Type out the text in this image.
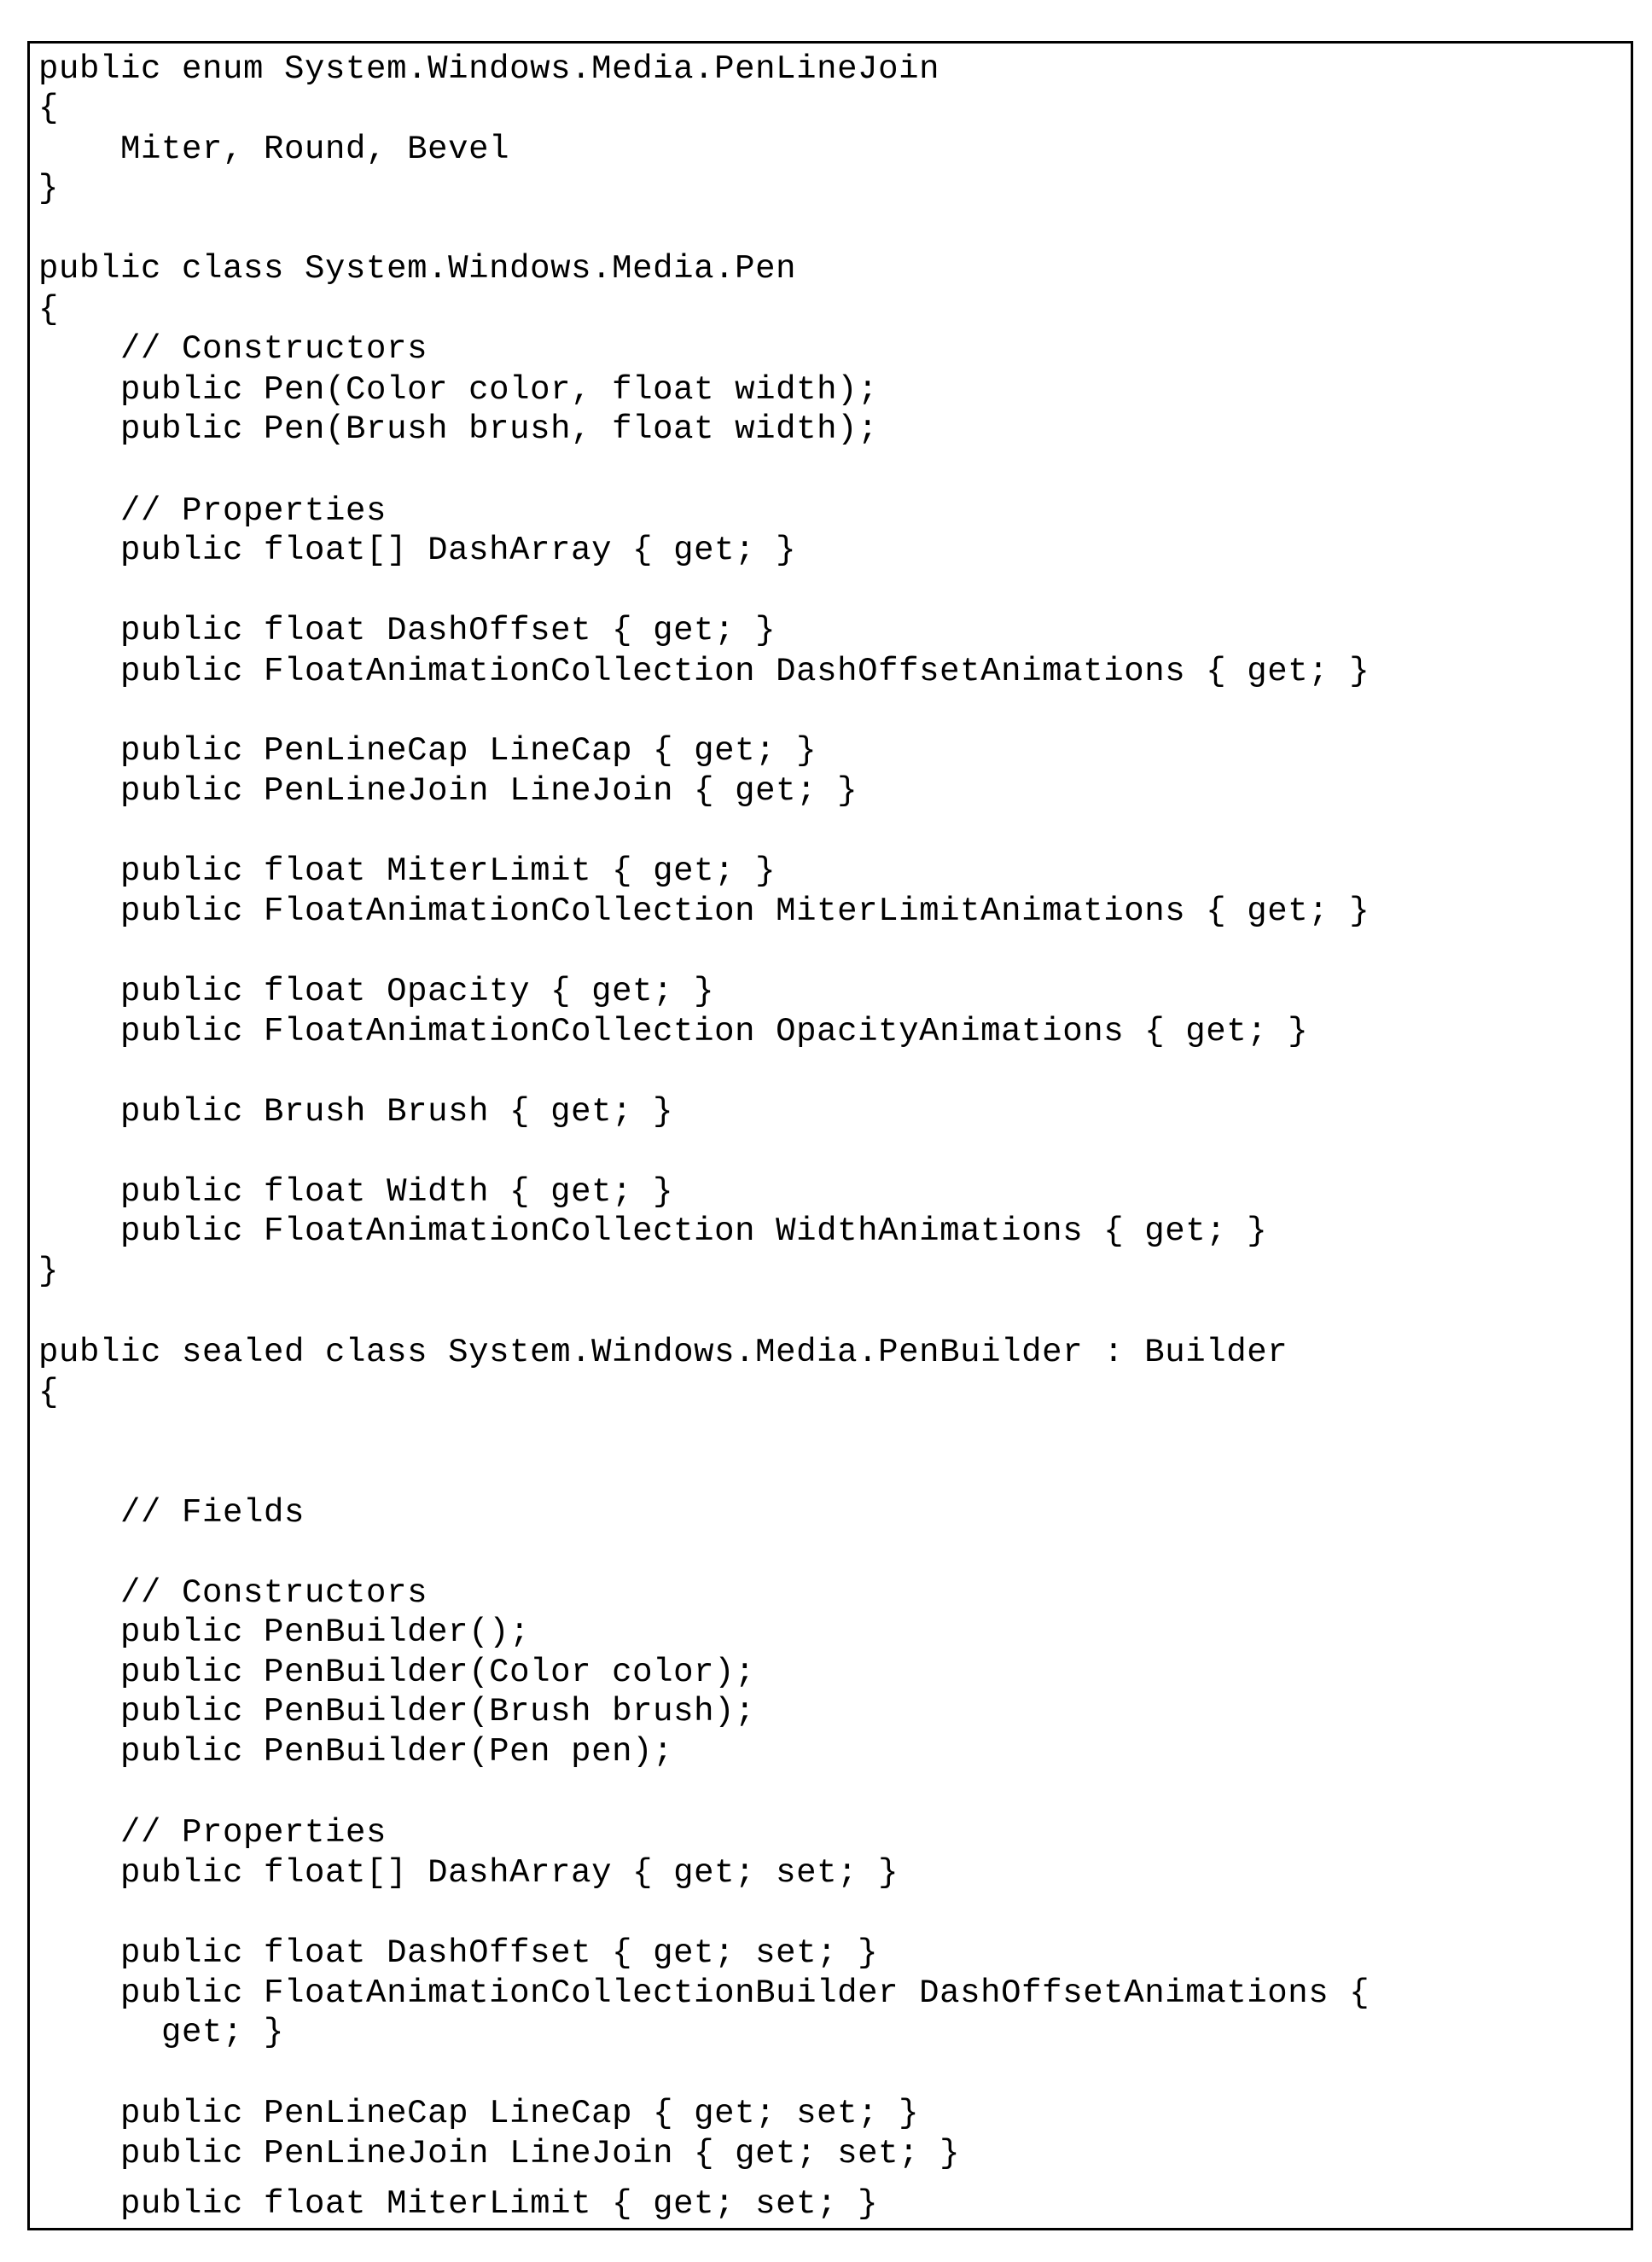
public enum System.Windows.Media.PenLineJoin
{
Miter, Round, Bevel
}
public class System.Windows.Media.Pen
{
// Constructors
public Pen(Color color, float width);
public Pen(Brush brush, float width);
// Properties
public float[] DashArray { get; }
public float DashOffset { get; }
public FloatAnimationCollection DashOffsetAnimations { get; }
public PenLineCap LineCap { get; }
public PenLineJoin LineJoin { get; }
public float MiterLimit { get; }
public FloatAnimationCollection MiterLimitAnimations { get; }
public float Opacity { get; }
public FloatAnimationCollection OpacityAnimations { get; }
public Brush Brush { get; }
public float Width { get; }
public FloatAnimationCollection WidthAnimations { get; }
}
public sealed class System.Windows.Media.PenBuilder : Builder
{
// Fields
// Constructors
public PenBuilder();
public PenBuilder(Color color);
public PenBuilder(Brush brush);
public PenBuilder(Pen pen);
// Properties
public float[] DashArray { get; set; }
public float DashOffset { get; set; }
public FloatAnimationCollectionBuilder DashOffsetAnimations {
get; }
public PenLineCap LineCap { get; set; }
public PenLineJoin LineJoin { get; set; }
public float MiterLimit { get; set; }
